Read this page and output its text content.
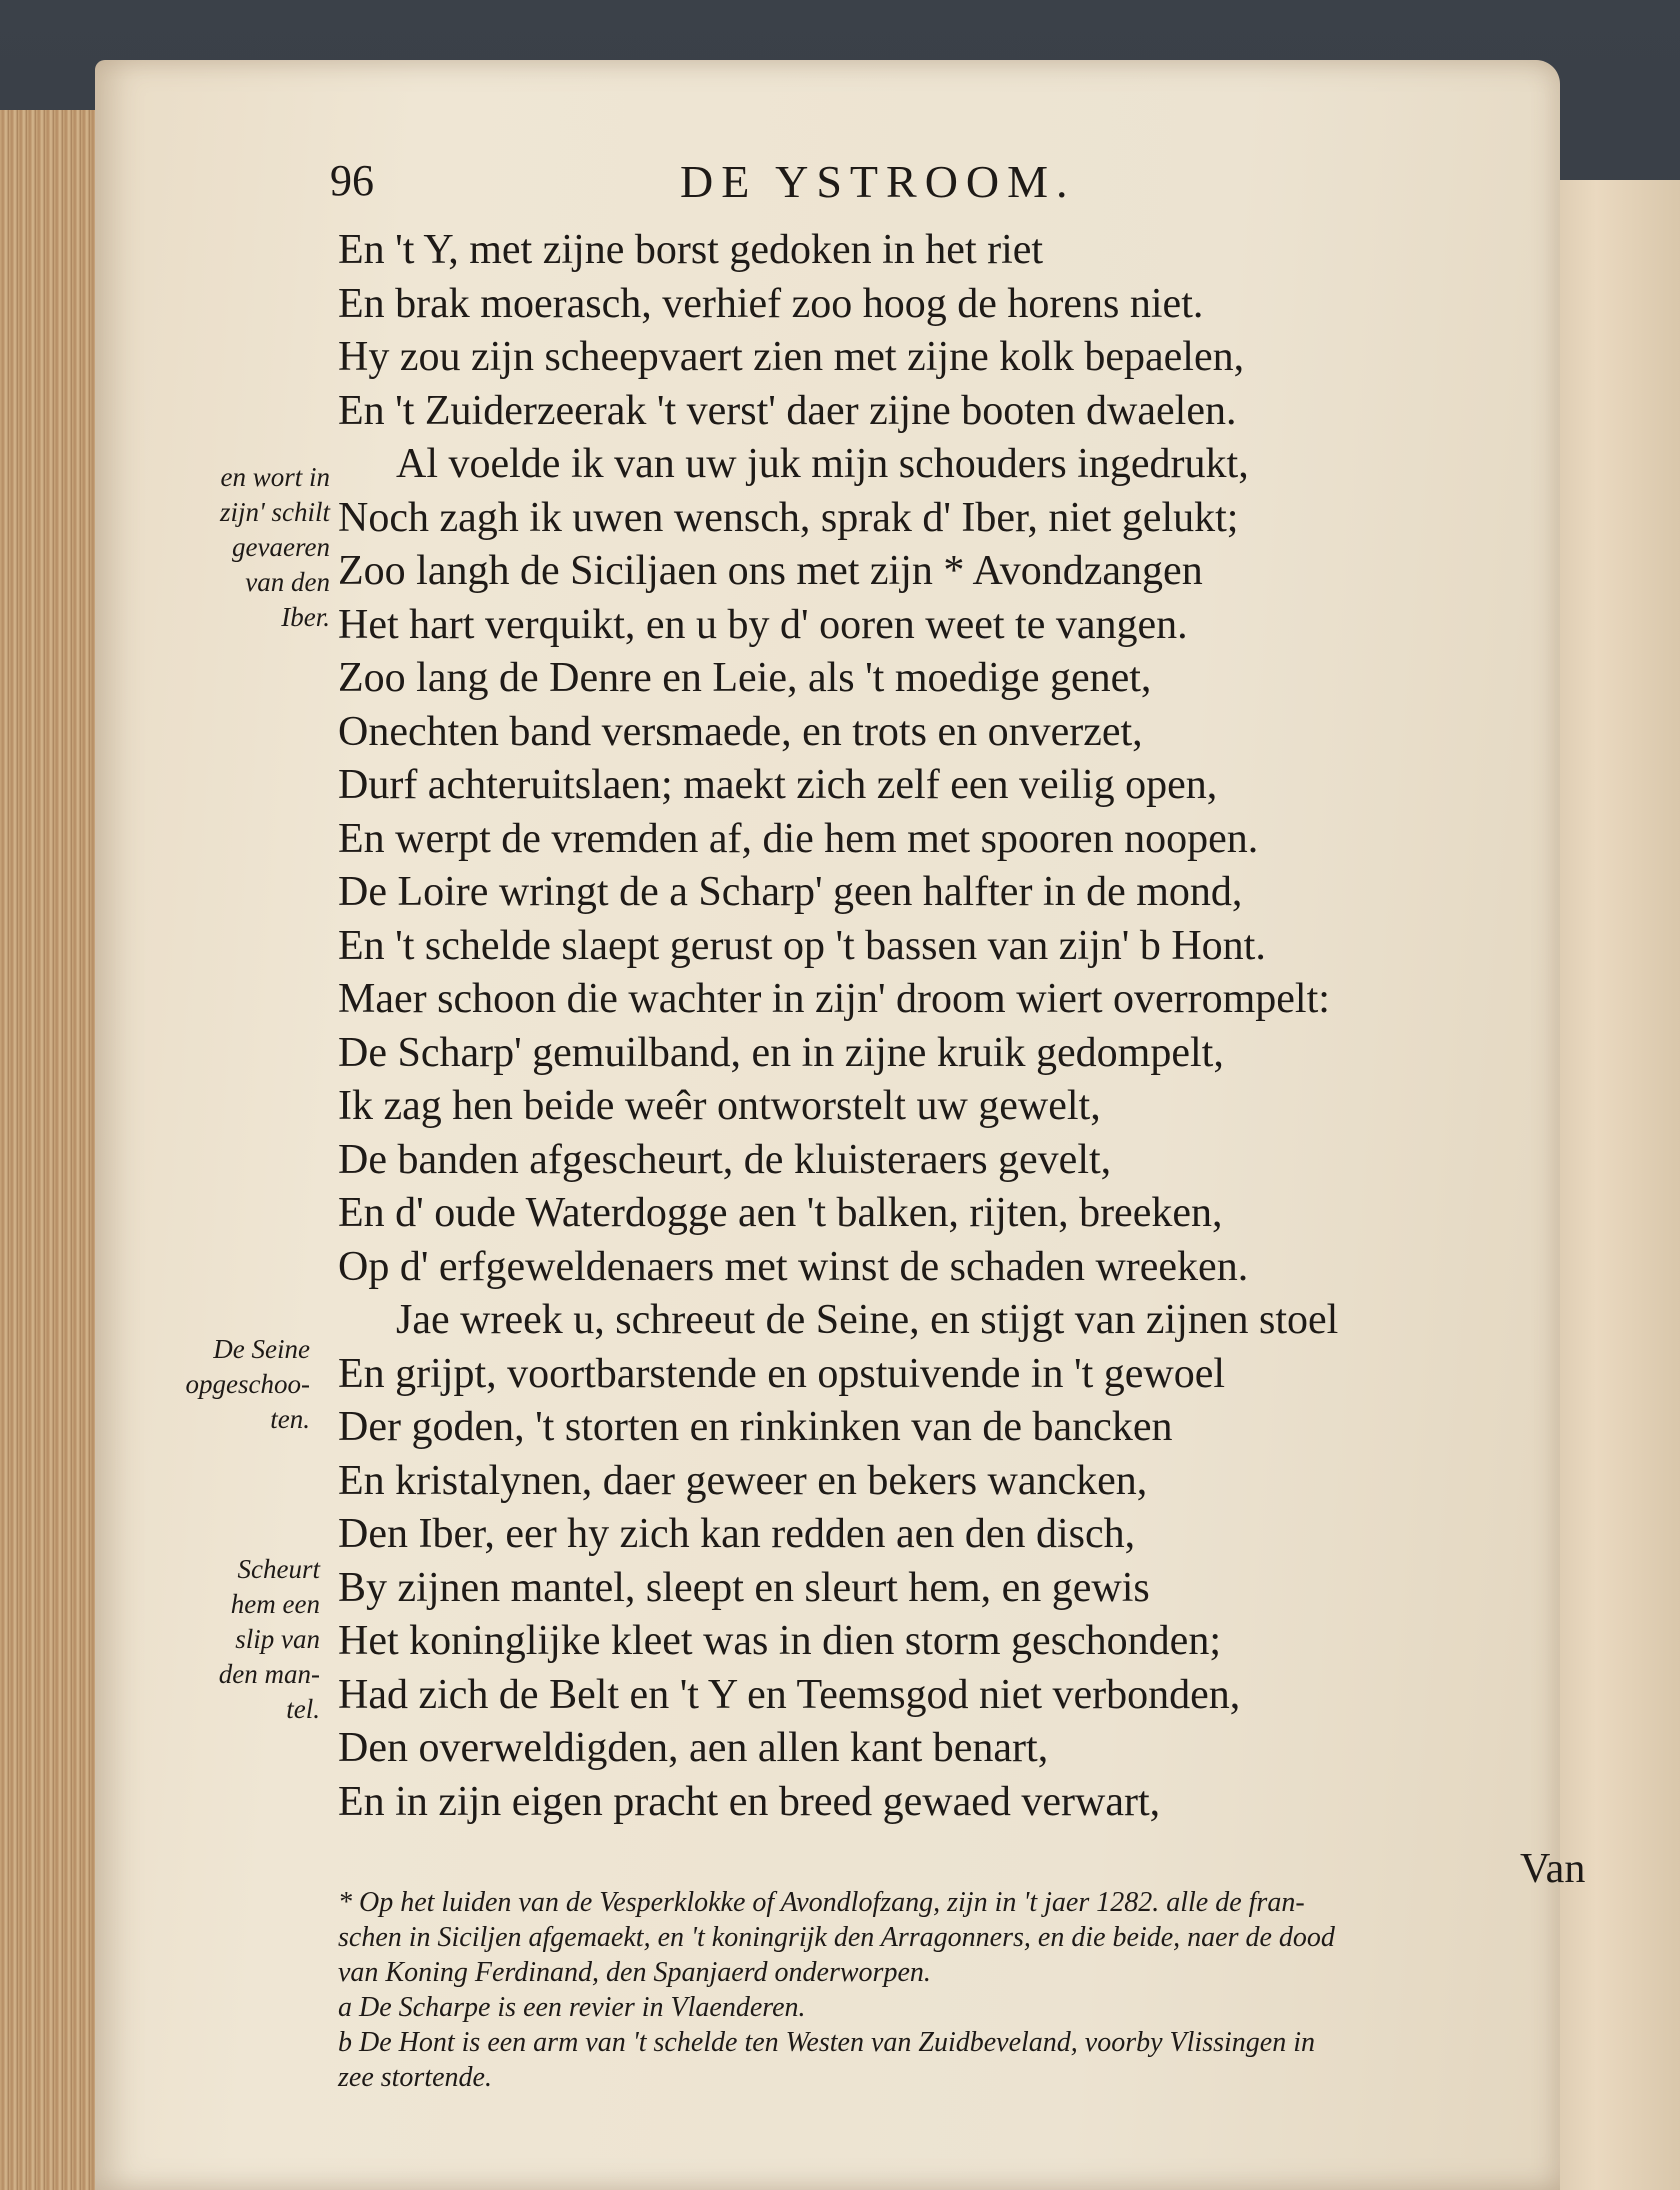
96	DE YSTROOM.
En 't Y, met zijne borst gedoken in het riet
En brak moerasch, verhief zoo hoog de horens niet.
Hy zou zijn scheepvaert zien met zijne kolk bepaelen,
En 't Zuiderzeerak 't verst' daer zijne booten dwaelen.
Al voelde ik van uw juk mijn schouders ingedrukt,
Noch zagh ik uwen wensch, sprak d' Iber, niet gelukt;
Zoo langh de Siciljaen ons met zijn * Avondzangen
Het hart verquikt, en u by d' ooren weet te vangen.
Zoo lang de Denre en Leie, als 't moedige genet,
Onechten band versmaede, en trots en onverzet,
Durf achteruitslaen; maekt zich zelf een veilig open,
En werpt de vremden af, die hem met spooren noopen.
De Loire wringt de a Scharp' geen halfter in de mond,
En 't schelde slaept gerust op 't bassen van zijn' b Hont.
Maer schoon die wachter in zijn' droom wiert overrompelt:
De Scharp' gemuilband, en in zijne kruik gedompelt,
Ik zag hen beide weêr ontworstelt uw gewelt,
De banden afgescheurt, de kluisteraers gevelt,
En d' oude Waterdogge aen 't balken, rijten, breeken,
Op d' erfgeweldenaers met winst de schaden wreeken.
Jae wreek u, schreeut de Seine, en stijgt van zijnen stoel
En grijpt, voortbarstende en opstuivende in 't gewoel
Der goden, 't storten en rinkinken van de bancken
En kristalynen, daer geweer en bekers wancken,
Den Iber, eer hy zich kan redden aen den disch,
By zijnen mantel, sleept en sleurt hem, en gewis
Het koninglijke kleet was in dien storm geschonden;
Had zich de Belt en 't Y en Teemsgod niet verbonden,
Den overweldigden, aen allen kant benart,
En in zijn eigen pracht en breed gewaed verwart,
Van
en wort in
zijn' schilt
gevaeren
van den
Iber.
De Seine
opgeschoo-
ten.
Scheurt
hem een
slip van
den man-
tel.
* Op het luiden van de Vesperklokke of Avondlofzang, zijn in 't jaer 1282. alle de fran-
schen in Siciljen afgemaekt, en 't koningrijk den Arragonners, en die beide, naer de dood
van Koning Ferdinand, den Spanjaerd onderworpen.
a De Scharpe is een revier in Vlaenderen.
b De Hont is een arm van 't schelde ten Westen van Zuidbeveland, voorby Vlissingen in
zee stortende.
